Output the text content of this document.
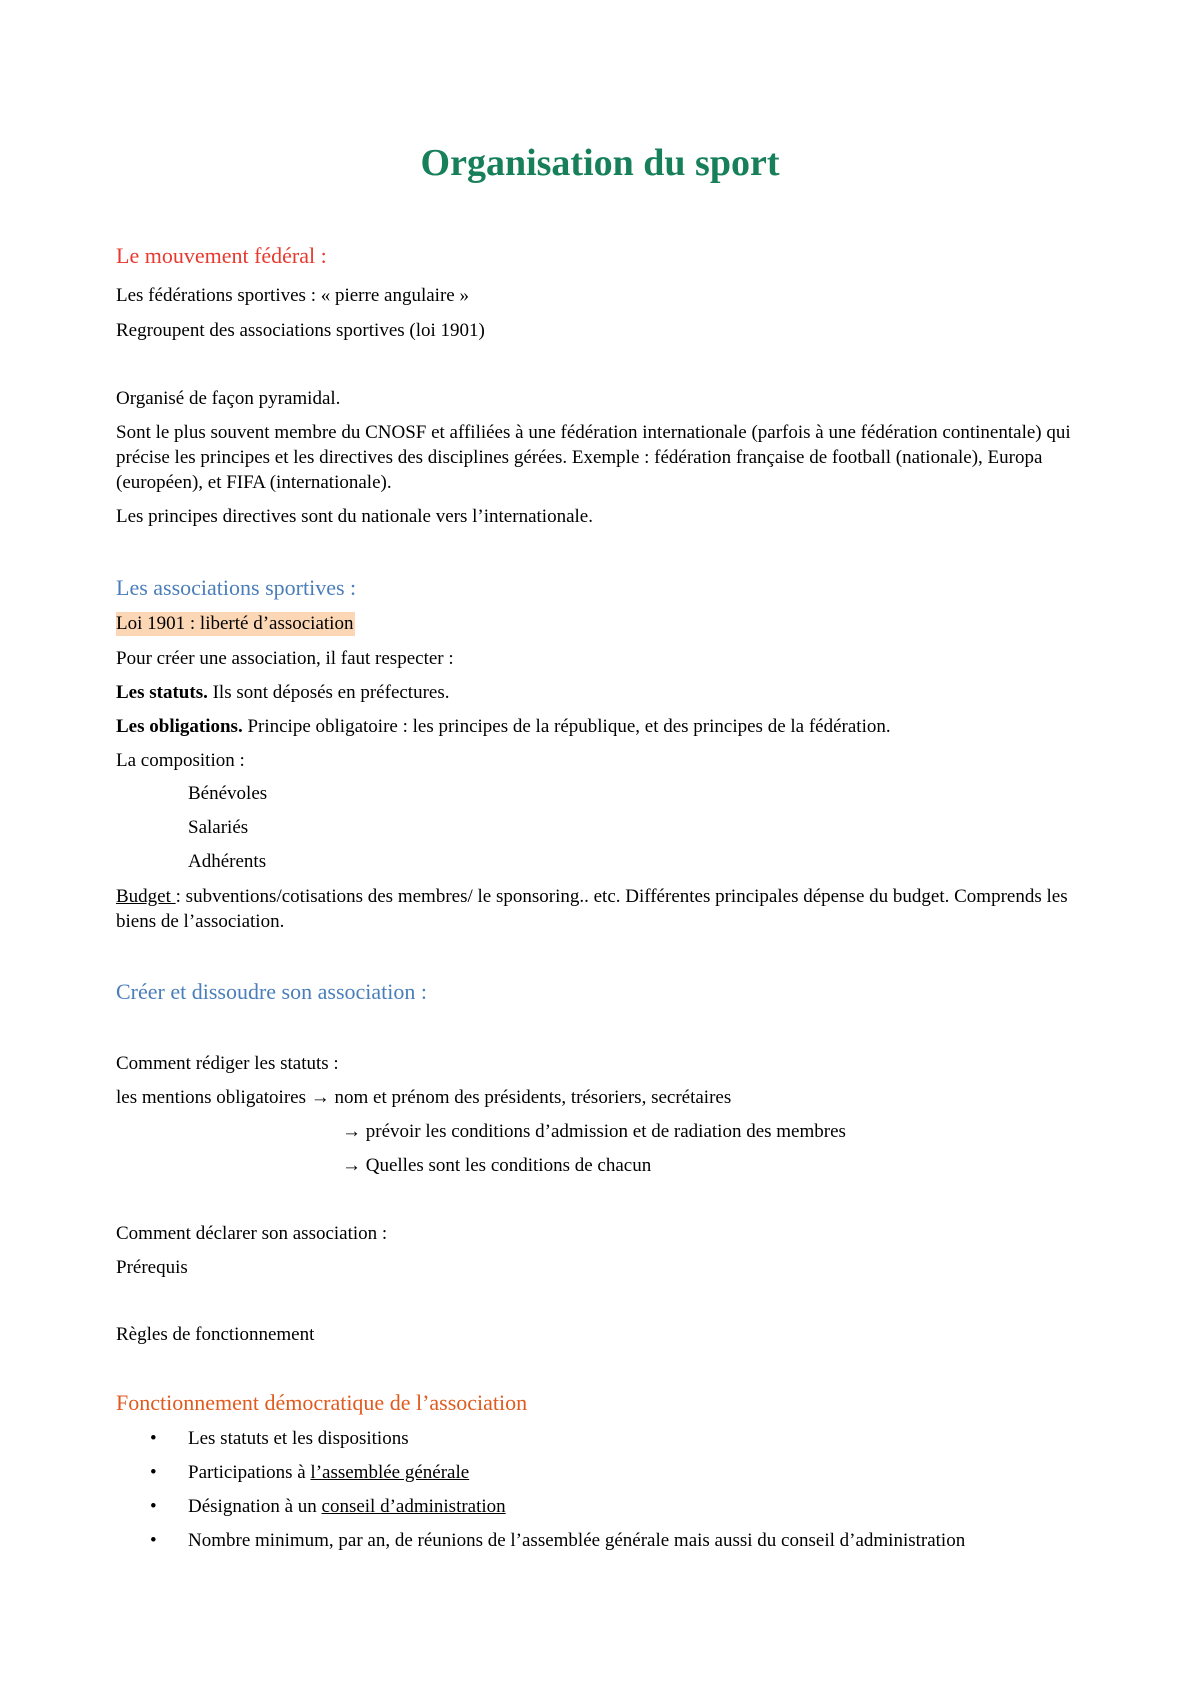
Organisation du sport
Le mouvement fédéral :
Les fédérations sportives : « pierre angulaire »
Regroupent des associations sportives (loi 1901)
Organisé de façon pyramidal.
Sont le plus souvent membre du CNOSF et affiliées à une fédération internationale (parfois à une fédération continentale) qui précise les principes et les directives des disciplines gérées. Exemple : fédération française de football (nationale), Europa (européen), et FIFA (internationale).
Les principes directives sont du nationale vers l’internationale.
Les associations sportives :
Loi 1901 : liberté d’association
Pour créer une association, il faut respecter :
Les statuts. Ils sont déposés en préfectures.
Les obligations. Principe obligatoire : les principes de la république, et des principes de la fédération.
La composition :
Bénévoles
Salariés
Adhérents
Budget : subventions/cotisations des membres/ le sponsoring.. etc. Différentes principales dépense du budget. Comprends les biens de l’association.
Créer et dissoudre son association :
Comment rédiger les statuts :
les mentions obligatoires → nom et prénom des présidents, trésoriers, secrétaires
→ prévoir les conditions d’admission et de radiation des membres
→ Quelles sont les conditions de chacun
Comment déclarer son association :
Prérequis
Règles de fonctionnement
Fonctionnement démocratique de l’association
• Les statuts et les dispositions
• Participations à l’assemblée générale
• Désignation à un conseil d’administration
• Nombre minimum, par an, de réunions de l’assemblée générale mais aussi du conseil d’administration
